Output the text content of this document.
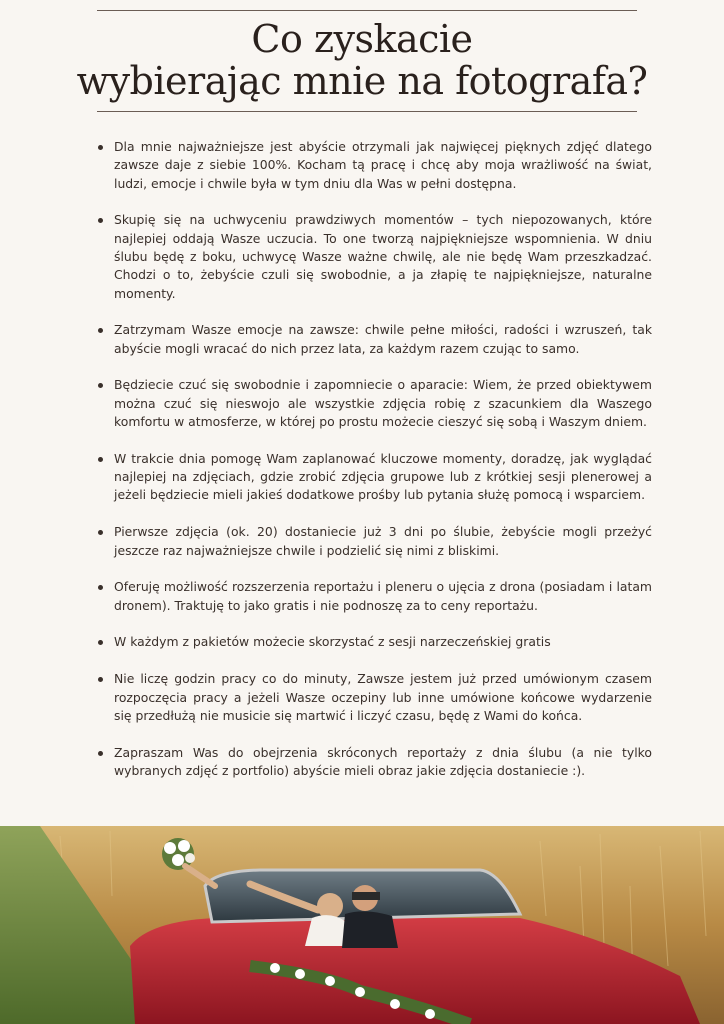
Co zyskacie
wybierając mnie na fotografa?
Dla mnie najważniejsze jest abyście otrzymali jak najwięcej pięknych zdjęć dlatego zawsze daje z siebie 100%. Kocham tą pracę i chcę aby moja wrażliwość na świat, ludzi, emocje i chwile była w tym dniu dla Was w pełni dostępna.
Skupię się na uchwyceniu prawdziwych momentów – tych niepozowanych, które najlepiej oddają Wasze uczucia. To one tworzą najpiękniejsze wspomnienia. W dniu ślubu będę z boku, uchwycę Wasze ważne chwilę, ale nie będę Wam przeszkadzać. Chodzi o to, żebyście czuli się swobodnie, a ja złapię te najpiękniejsze, naturalne momenty.
Zatrzymam Wasze emocje na zawsze: chwile pełne miłości, radości i wzruszeń, tak abyście mogli wracać do nich przez lata, za każdym razem czując to samo.
Będziecie czuć się swobodnie i zapomniecie o aparacie: Wiem, że przed obiektywem można czuć się nieswojo ale wszystkie zdjęcia robię z szacunkiem dla Waszego komfortu w atmosferze, w której po prostu możecie cieszyć się sobą i Waszym dniem.
W trakcie dnia pomogę Wam zaplanować kluczowe momenty, doradzę, jak wyglądać najlepiej na zdjęciach, gdzie zrobić zdjęcia grupowe lub z krótkiej sesji plenerowej a jeżeli będziecie mieli jakieś dodatkowe prośby lub pytania służę pomocą i wsparciem.
Pierwsze zdjęcia (ok. 20) dostaniecie już 3 dni po ślubie, żebyście mogli przeżyć jeszcze raz najważniejsze chwile i podzielić się nimi z bliskimi.
Oferuję możliwość rozszerzenia reportażu i pleneru o ujęcia z drona (posiadam i latam dronem). Traktuję to jako gratis i nie podnoszę za to ceny reportażu.
W każdym z pakietów możecie skorzystać z sesji narzeczeńskiej gratis
Nie liczę godzin pracy co do minuty, Zawsze jestem już przed umówionym czasem rozpoczęcia pracy a jeżeli Wasze oczepiny lub inne umówione końcowe wydarzenie się przedłużą nie musicie się martwić i liczyć czasu, będę z Wami do końca.
Zapraszam Was do obejrzenia skróconych reportaży z dnia ślubu (a nie tylko wybranych zdjęć z portfolio) abyście mieli obraz jakie zdjęcia dostaniecie :).
